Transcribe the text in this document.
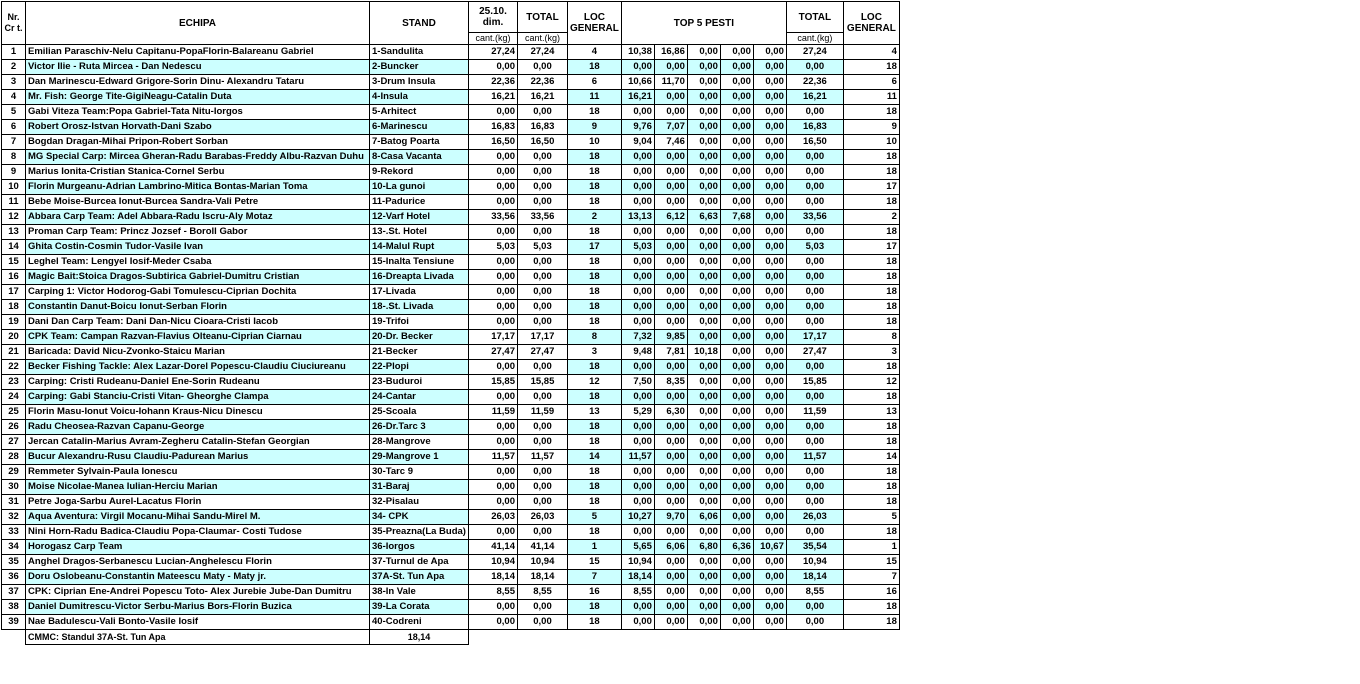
Nr. Cr t.	ECHIPA	STAND	25.10. dim.	TOTAL	LOC GENERAL	TOP 5 PESTI					TOTAL	LOC GENERAL
			cant.(kg)	cant.(kg)							cant.(kg)	
1	Emilian Paraschiv-Nelu Capitanu-PopaFlorin-Balareanu Gabriel	1-Sandulita	27,24	27,24	4	10,38	16,86	0,00	0,00	0,00	27,24	4
2	Victor Ilie - Ruta Mircea - Dan Nedescu	2-Buncker	0,00	0,00	18	0,00	0,00	0,00	0,00	0,00	0,00	18
3	Dan Marinescu-Edward Grigore-Sorin Dinu- Alexandru Tataru	3-Drum Insula	22,36	22,36	6	10,66	11,70	0,00	0,00	0,00	22,36	6
4	Mr. Fish: George Tite-GigiNeagu-Catalin Duta	4-Insula	16,21	16,21	11	16,21	0,00	0,00	0,00	0,00	16,21	11
5	Gabi Viteza Team:Popa Gabriel-Tata Nitu-Iorgos	5-Arhitect	0,00	0,00	18	0,00	0,00	0,00	0,00	0,00	0,00	18
6	Robert Orosz-Istvan Horvath-Dani Szabo	6-Marinescu	16,83	16,83	9	9,76	7,07	0,00	0,00	0,00	16,83	9
7	Bogdan Dragan-Mihai Pripon-Robert Sorban	7-Batog Poarta	16,50	16,50	10	9,04	7,46	0,00	0,00	0,00	16,50	10
8	MG Special Carp: Mircea Gheran-Radu Barabas-Freddy Albu-Razvan Duhu	8-Casa Vacanta	0,00	0,00	18	0,00	0,00	0,00	0,00	0,00	0,00	18
9	Marius Ionita-Cristian Stanica-Cornel Serbu	9-Rekord	0,00	0,00	18	0,00	0,00	0,00	0,00	0,00	0,00	18
10	Florin Murgeanu-Adrian Lambrino-Mitica Bontas-Marian Toma	10-La gunoi	0,00	0,00	18	0,00	0,00	0,00	0,00	0,00	0,00	17
11	Bebe Moise-Burcea Ionut-Burcea Sandra-Vali Petre	11-Padurice	0,00	0,00	18	0,00	0,00	0,00	0,00	0,00	0,00	18
12	Abbara Carp Team: Adel Abbara-Radu Iscru-Aly Motaz	12-Varf Hotel	33,56	33,56	2	13,13	6,12	6,63	7,68	0,00	33,56	2
13	Proman Carp Team: Princz Jozsef - Boroll Gabor	13-.St. Hotel	0,00	0,00	18	0,00	0,00	0,00	0,00	0,00	0,00	18
14	Ghita Costin-Cosmin Tudor-Vasile Ivan	14-Malul Rupt	5,03	5,03	17	5,03	0,00	0,00	0,00	0,00	5,03	17
15	Leghel Team: Lengyel Iosif-Meder Csaba	15-Inalta Tensiune	0,00	0,00	18	0,00	0,00	0,00	0,00	0,00	0,00	18
16	Magic Bait:Stoica Dragos-Subtirica Gabriel-Dumitru Cristian	16-Dreapta Livada	0,00	0,00	18	0,00	0,00	0,00	0,00	0,00	0,00	18
17	Carping 1: Victor Hodorog-Gabi Tomulescu-Ciprian Dochita	17-Livada	0,00	0,00	18	0,00	0,00	0,00	0,00	0,00	0,00	18
18	Constantin Danut-Boicu Ionut-Serban Florin	18-.St. Livada	0,00	0,00	18	0,00	0,00	0,00	0,00	0,00	0,00	18
19	Dani Dan Carp Team: Dani Dan-Nicu Cioara-Cristi Iacob	19-Trifoi	0,00	0,00	18	0,00	0,00	0,00	0,00	0,00	0,00	18
20	CPK Team: Campan Razvan-Flavius Olteanu-Ciprian Ciarnau	20-Dr. Becker	17,17	17,17	8	7,32	9,85	0,00	0,00	0,00	17,17	8
21	Baricada: David Nicu-Zvonko-Staicu Marian	21-Becker	27,47	27,47	3	9,48	7,81	10,18	0,00	0,00	27,47	3
22	Becker Fishing Tackle: Alex Lazar-Dorel Popescu-Claudiu Ciuciureanu	22-Plopi	0,00	0,00	18	0,00	0,00	0,00	0,00	0,00	0,00	18
23	Carping: Cristi Rudeanu-Daniel Ene-Sorin Rudeanu	23-Buduroi	15,85	15,85	12	7,50	8,35	0,00	0,00	0,00	15,85	12
24	Carping: Gabi Stanciu-Cristi Vitan- Gheorghe Clampa	24-Cantar	0,00	0,00	18	0,00	0,00	0,00	0,00	0,00	0,00	18
25	Florin Masu-Ionut Voicu-Iohann Kraus-Nicu Dinescu	25-Scoala	11,59	11,59	13	5,29	6,30	0,00	0,00	0,00	11,59	13
26	Radu Cheosea-Razvan Capanu-George	26-Dr.Tarc 3	0,00	0,00	18	0,00	0,00	0,00	0,00	0,00	0,00	18
27	Jercan Catalin-Marius Avram-Zegheru Catalin-Stefan Georgian	28-Mangrove	0,00	0,00	18	0,00	0,00	0,00	0,00	0,00	0,00	18
28	Bucur Alexandru-Rusu Claudiu-Padurean Marius	29-Mangrove 1	11,57	11,57	14	11,57	0,00	0,00	0,00	0,00	11,57	14
29	Remmeter Sylvain-Paula Ionescu	30-Tarc 9	0,00	0,00	18	0,00	0,00	0,00	0,00	0,00	0,00	18
30	Moise Nicolae-Manea Iulian-Herciu Marian	31-Baraj	0,00	0,00	18	0,00	0,00	0,00	0,00	0,00	0,00	18
31	Petre Joga-Sarbu Aurel-Lacatus Florin	32-Pisalau	0,00	0,00	18	0,00	0,00	0,00	0,00	0,00	0,00	18
32	Aqua Aventura: Virgil Mocanu-Mihai Sandu-Mirel M.	34- CPK	26,03	26,03	5	10,27	9,70	6,06	0,00	0,00	26,03	5
33	Nini Horn-Radu Badica-Claudiu Popa-Claumar- Costi Tudose	35-Preazna(La Buda)	0,00	0,00	18	0,00	0,00	0,00	0,00	0,00	0,00	18
34	Horogasz Carp Team	36-Iorgos	41,14	41,14	1	5,65	6,06	6,80	6,36	10,67	35,54	1
35	Anghel Dragos-Serbanescu Lucian-Anghelescu Florin	37-Turnul de Apa	10,94	10,94	15	10,94	0,00	0,00	0,00	0,00	10,94	15
36	Doru Oslobeanu-Constantin Mateescu Maty - Maty jr.	37A-St. Tun Apa	18,14	18,14	7	18,14	0,00	0,00	0,00	0,00	18,14	7
37	CPK: Ciprian Ene-Andrei Popescu Toto- Alex Jurebie Jube-Dan Dumitru	38-In Vale	8,55	8,55	16	8,55	0,00	0,00	0,00	0,00	8,55	16
38	Daniel Dumitrescu-Victor Serbu-Marius Bors-Florin Buzica	39-La Corata	0,00	0,00	18	0,00	0,00	0,00	0,00	0,00	0,00	18
39	Nae Badulescu-Vali Bonto-Vasile Iosif	40-Codreni	0,00	0,00	18	0,00	0,00	0,00	0,00	0,00	0,00	18
	CMMC: Standul 37A-St. Tun Apa	18,14										
